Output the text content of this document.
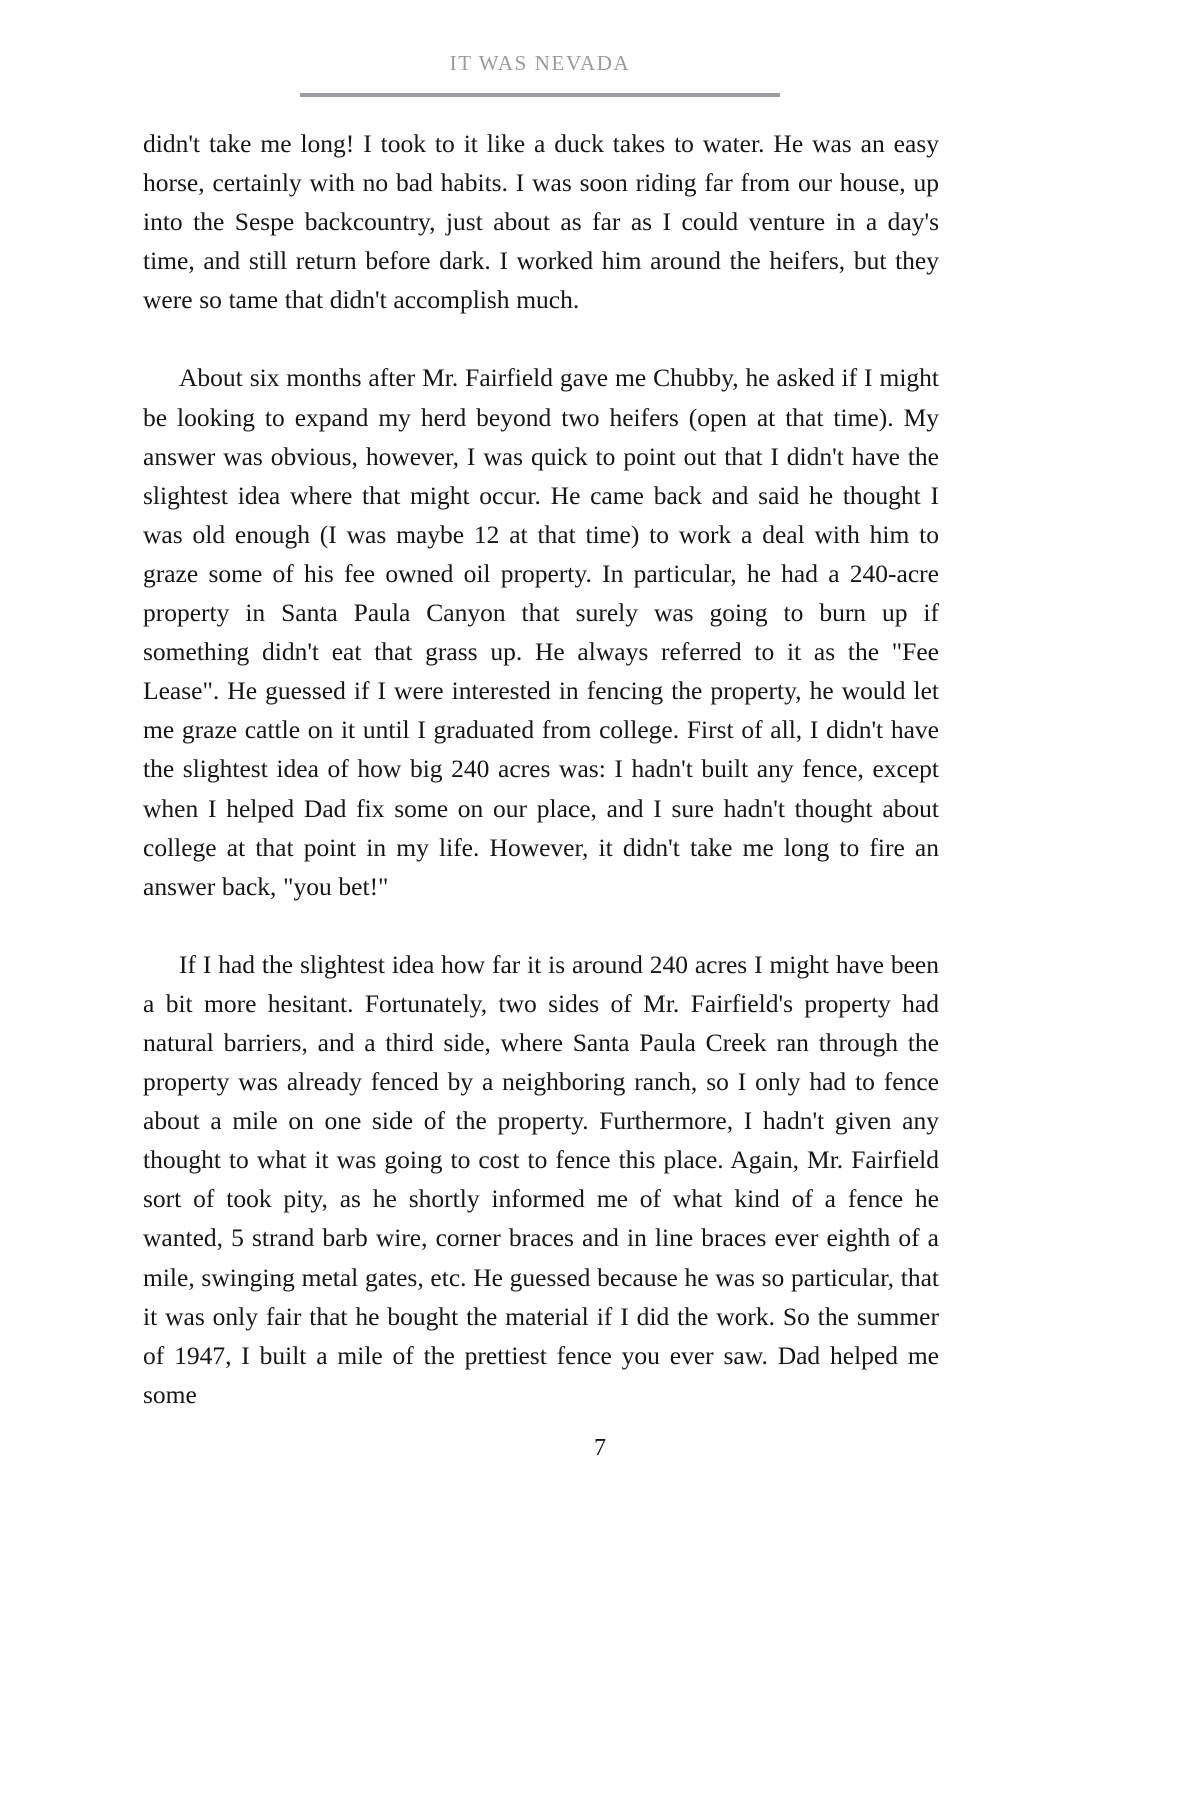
IT WAS NEVADA

didn't take me long! I took to it like a duck takes to water. He was an easy horse, certainly with no bad habits. I was soon riding far from our house, up into the Sespe backcountry, just about as far as I could venture in a day's time, and still return before dark. I worked him around the heifers, but they were so tame that didn't accomplish much.

About six months after Mr. Fairfield gave me Chubby, he asked if I might be looking to expand my herd beyond two heifers (open at that time). My answer was obvious, however, I was quick to point out that I didn't have the slightest idea where that might occur. He came back and said he thought I was old enough (I was maybe 12 at that time) to work a deal with him to graze some of his fee owned oil property. In particular, he had a 240-acre property in Santa Paula Canyon that surely was going to burn up if something didn't eat that grass up. He always referred to it as the "Fee Lease". He guessed if I were interested in fencing the property, he would let me graze cattle on it until I graduated from college. First of all, I didn't have the slightest idea of how big 240 acres was: I hadn't built any fence, except when I helped Dad fix some on our place, and I sure hadn't thought about college at that point in my life. However, it didn't take me long to fire an answer back, "you bet!"

If I had the slightest idea how far it is around 240 acres I might have been a bit more hesitant. Fortunately, two sides of Mr. Fairfield's property had natural barriers, and a third side, where Santa Paula Creek ran through the property was already fenced by a neighboring ranch, so I only had to fence about a mile on one side of the property. Furthermore, I hadn't given any thought to what it was going to cost to fence this place. Again, Mr. Fairfield sort of took pity, as he shortly informed me of what kind of a fence he wanted, 5 strand barb wire, corner braces and in line braces ever eighth of a mile, swinging metal gates, etc. He guessed because he was so particular, that it was only fair that he bought the material if I did the work. So the summer of 1947, I built a mile of the prettiest fence you ever saw. Dad helped me some

7
